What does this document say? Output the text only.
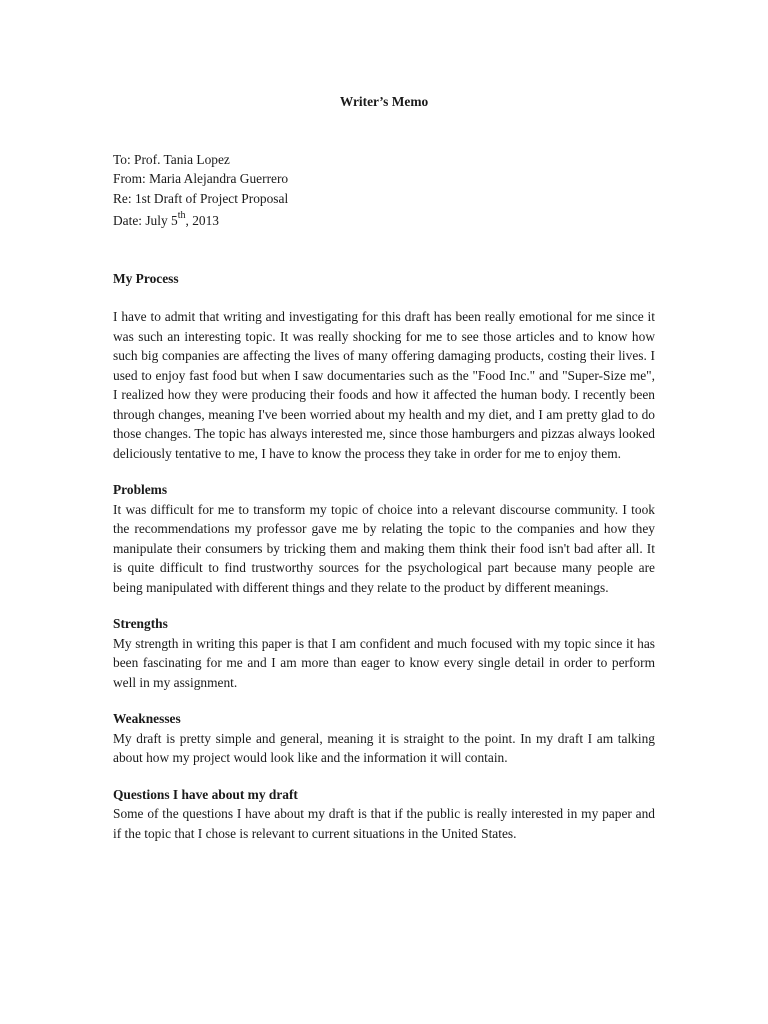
Writer’s Memo

To: Prof. Tania Lopez

From: Maria Alejandra Guerrero

Re: 1st Draft of Project Proposal

Date: July 5th, 2013

My Process

I have to admit that writing and investigating for this draft has been really emotional for me since it was such an interesting topic. It was really shocking for me to see those articles and to know how such big companies are affecting the lives of many offering damaging products, costing their lives. I used to enjoy fast food but when I saw documentaries such as the "Food Inc." and "Super-Size me", I realized how they were producing their foods and how it affected the human body. I recently been through changes, meaning I've been worried about my health and my diet, and I am pretty glad to do those changes. The topic has always interested me, since those hamburgers and pizzas always looked deliciously tentative to me, I have to know the process they take in order for me to enjoy them.

Problems

It was difficult for me to transform my topic of choice into a relevant discourse community. I took the recommendations my professor gave me by relating the topic to the companies and how they manipulate their consumers by tricking them and making them think their food isn't bad after all. It is quite difficult to find trustworthy sources for the psychological part because many people are being manipulated with different things and they relate to the product by different meanings.

Strengths

My strength in writing this paper is that I am confident and much focused with my topic since it has been fascinating for me and I am more than eager to know every single detail in order to perform well in my assignment.

Weaknesses

My draft is pretty simple and general, meaning it is straight to the point. In my draft I am talking about how my project would look like and the information it will contain.

Questions I have about my draft

Some of the questions I have about my draft is that if the public is really interested in my paper and if the topic that I chose is relevant to current situations in the United States.
